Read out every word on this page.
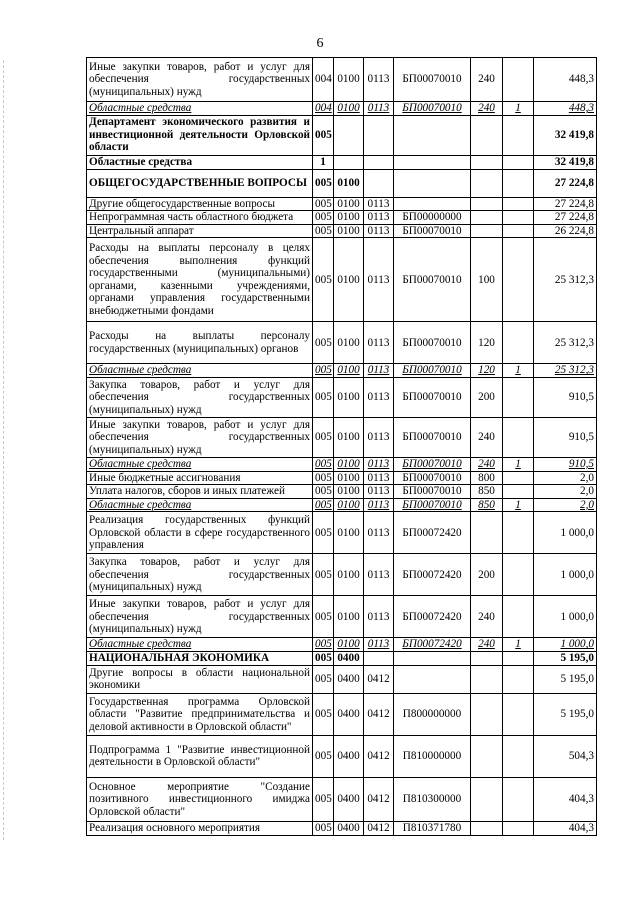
6
Иные закупки товаров, работ и услуг для обеспечения государственных (муниципальных) нужд	004	0100	0113	БП00070010	240		448,3
Областные средства	004	0100	0113	БП00070010	240	1	448,3
Департамент экономического развития и инвестиционной деятельности Орловской области	005						32 419,8
Областные средства	1						32 419,8
ОБЩЕГОСУДАРСТВЕННЫЕ ВОПРОСЫ	005	0100					27 224,8
Другие общегосударственные вопросы	005	0100	0113				27 224,8
Непрограммная часть областного бюджета	005	0100	0113	БП00000000			27 224,8
Центральный аппарат	005	0100	0113	БП00070010			26 224,8
Расходы на выплаты персоналу в целях обеспечения выполнения функций государственными (муниципальными) органами, казенными учреждениями, органами управления государственными внебюджетными фондами	005	0100	0113	БП00070010	100		25 312,3
Расходы на выплаты персоналу государственных (муниципальных) органов	005	0100	0113	БП00070010	120		25 312,3
Областные средства	005	0100	0113	БП00070010	120	1	25 312,3
Закупка товаров, работ и услуг для обеспечения государственных (муниципальных) нужд	005	0100	0113	БП00070010	200		910,5
Иные закупки товаров, работ и услуг для обеспечения государственных (муниципальных) нужд	005	0100	0113	БП00070010	240		910,5
Областные средства	005	0100	0113	БП00070010	240	1	910,5
Иные бюджетные ассигнования	005	0100	0113	БП00070010	800		2,0
Уплата налогов, сборов и иных платежей	005	0100	0113	БП00070010	850		2,0
Областные средства	005	0100	0113	БП00070010	850	1	2,0
Реализация государственных функций Орловской области в сфере государственного управления	005	0100	0113	БП00072420			1 000,0
Закупка товаров, работ и услуг для обеспечения государственных (муниципальных) нужд	005	0100	0113	БП00072420	200		1 000,0
Иные закупки товаров, работ и услуг для обеспечения государственных (муниципальных) нужд	005	0100	0113	БП00072420	240		1 000,0
Областные средства	005	0100	0113	БП00072420	240	1	1 000,0
НАЦИОНАЛЬНАЯ ЭКОНОМИКА	005	0400					5 195,0
Другие вопросы в области национальной экономики	005	0400	0412				5 195,0
Государственная программа Орловской области "Развитие предпринимательства и деловой активности в Орловской области"	005	0400	0412	П800000000			5 195,0
Подпрограмма 1 "Развитие инвестиционной деятельности в Орловской области"	005	0400	0412	П810000000			504,3
Основное мероприятие "Создание позитивного инвестиционного имиджа Орловской области"	005	0400	0412	П810300000			404,3
Реализация основного мероприятия	005	0400	0412	П810371780			404,3
